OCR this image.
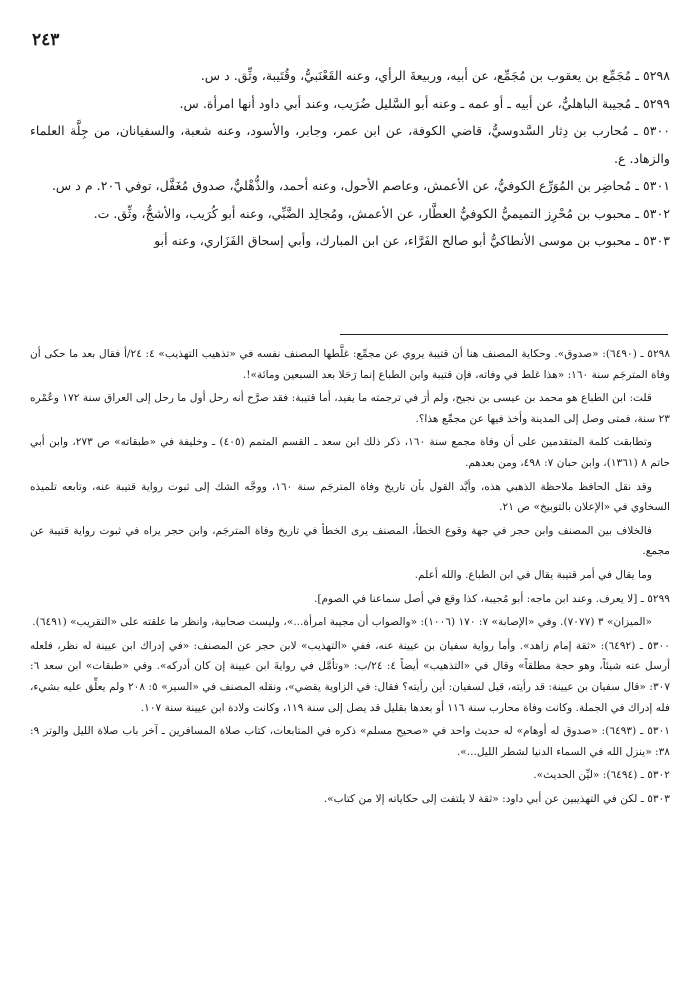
٢٤٣

٥٢٩٨ ـ مُجَمِّع بن يعقوب بن مُجَمِّع، عن أبيه، وربيعةَ الرأي، وعنه القَعْنَبيُّ، وقُتَيبة، وثِّق. د س.

٥٢٩٩ ـ مُجيبة الباهليُّ، عن أبيه ـ أو عمه ـ وعنه أبو السَّليل ضُرَيب، وعند أبي داود أنها امرأة. س.

٥٣٠٠ ـ مُحارب بن دِثار السَّدوسيُّ، قاضي الكوفة، عن ابن عمر، وجابر، والأسود، وعنه شعبة، والسفيانان، من جِلَّة العلماء والزهاد. ع.

٥٣٠١ ـ مُحاضِر بن المُوَرِّع الكوفيُّ، عن الأعمش، وعاصم الأحول، وعنه أحمد، والذُّهْليُّ، صدوق مُغَفَّل، توفي ٢٠٦. م د س.

٥٣٠٢ ـ محبوب بن مُحْرِز التميميُّ الكوفيُّ العطَّار، عن الأعمش، ومُجالِد الضَّبِّي، وعنه أبو كُرَيب، والأشجُّ، وثِّق. ت.

٥٣٠٣ ـ محبوب بن موسى الأنطاكيُّ أبو صالح الفَرَّاء، عن ابن المبارك، وأبي إسحاق الفَزَاري، وعنه أبو

٥٢٩٨ ـ (٦٤٩٠): «صدوق». وحكاية المصنف هنا أن قتيبة يروي عن مجمِّع: غلَّطها المصنف نفسه في «تذهيب التهذيب» ٤: ٢٤/أ فقال بعد ما حكى أن وفاة المترجَم سنة ١٦٠: «هذا غلط في وفاته، فإن قتيبة وابن الطباع إنما رَحَلا بعد السبعين ومائة»!.

قلت: ابن الطباع هو محمد بن عيسى بن نجيح، ولم أرَ في ترجمته ما يفيد، أما قتيبة: فقد صرَّح أنه رحل أول ما رحل إلى العراق سنة ١٧٢ وعُمْره ٢٣ سنة، فمتى وصل إلى المدينة وأخذ فيها عن مجمِّع هذا؟.

وتطابقت كلمة المتقدمين على أن وفاة مجمع سنة ١٦٠، ذكر ذلك ابن سعد ـ القسم المتمم (٤٠٥) ـ وخليفة في «طبقاته» ص ٢٧٣، وابن أبي حاتم ٨ (١٣٦١)، وابن حبان ٧: ٤٩٨، ومن بعدهم.

وقد نقل الحافظ ملاحظة الذهبي هذه، وأيَّد القول بأن تاريخ وفاة المترجَم سنة ١٦٠، ووجَّه الشك إلى ثبوت رواية قتيبة عنه، وتابعه تلميذه السخاوي في «الإعلان بالتوبيخ» ص ٢١.

فالخلاف بين المصنف وابن حجر في جهة وقوع الخطأ، المصنف يرى الخطأ في تاريخ وفاة المترجَم، وابن حجر يراه في ثبوت رواية قتيبة عن مجمع.

وما يقال في أمر قتيبة يقال في ابن الطباع. والله أعلم.

٥٢٩٩ ـ [لا يعرف. وعند ابن ماجه: أبو مُجيبة، كذا وقع في أصل سماعنا في الصوم].

«الميزان» ٣ (٧٠٧٧). وفي «الإصابة» ٧: ١٧٠ (١٠٠٦): «والصواب أن مجيبة امرأة...»، وليست صحابية، وانظر ما علقته على «التقريب» (٦٤٩١).

٥٣٠٠ ـ (٦٤٩٢): «ثقة إمام زاهد». وأما رواية سفيان بن عيينة عنه، ففي «التهذيب» لابن حجر عن المصنف: «في إدراك ابن عيينة له نظر، فلعله أرسل عنه شيئاً، وهو حجة مطلقاً» وقال في «التذهيب» أيضاً ٤: ٢٤/ب: «وتأمَّل في روايةَ ابن عيينة إن كان أدركه». وفي «طبقات» ابن سعد ٦: ٣٠٧: «قال سفيان بن عيينة: قد رأيته، قيل لسفيان: أين رأيته؟ فقال: في الزاوية يقضي»، ونقله المصنف في «السير» ٥: ٢٠٨ ولم يعلِّق عليه بشيء، فله إدراك في الجملة. وكانت وفاة محارب سنة ١١٦ أو بعدها بقليل قد يصل إلى سنة ١١٩، وكانت ولادة ابن عيينة سنة ١٠٧.

٥٣٠١ ـ (٦٤٩٣): «صدوق له أوهام» له حديث واحد في «صحيح مسلم» ذكره في المتابعات، كتاب صلاة المسافرين ـ آخر باب صلاة الليل والوتر ٩: ٣٨: «ينزل الله في السماء الدنيا لشطر الليل...».

٥٣٠٢ ـ (٦٤٩٤): «ليِّن الحديث».

٥٣٠٣ ـ لكن في التهذيبين عن أبي داود: «ثقة لا يلتفت إلى حكاياته إلا من كتاب».
